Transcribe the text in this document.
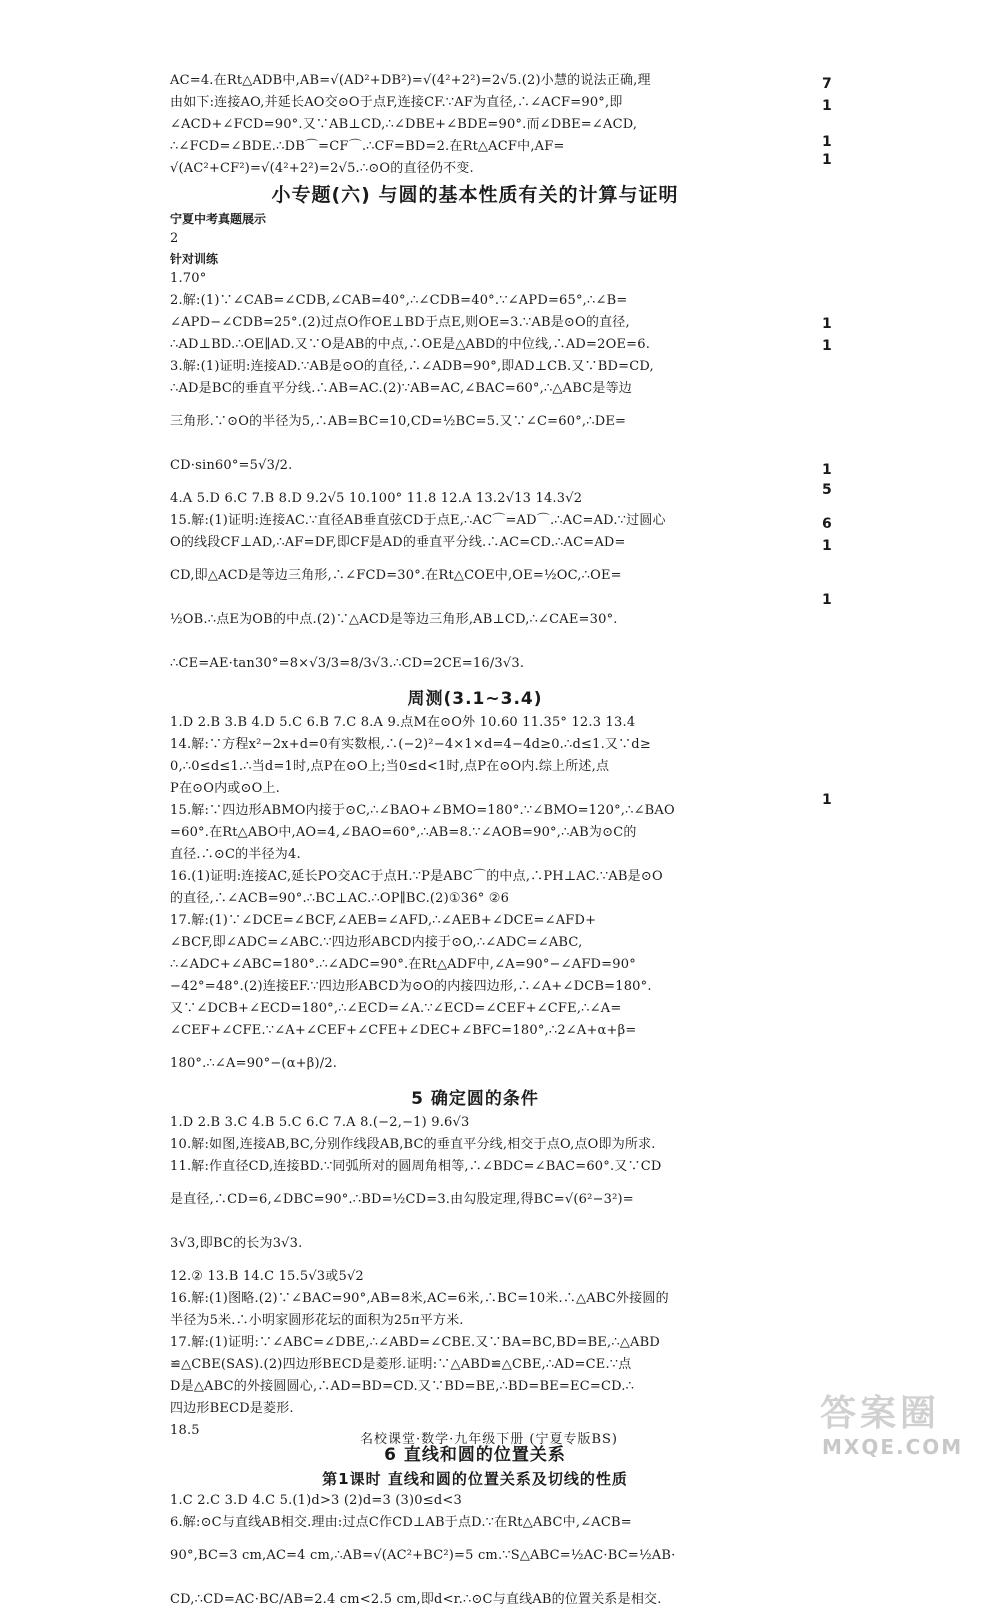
AC=4.在Rt△ADB中,AB=√(AD²+DB²)=√(4²+2²)=2√5.(2)小慧的说法正确,理
由如下:连接AO,并延长AO交⊙O于点F,连接CF.∵AF为直径,∴∠ACF=90°,即
∠ACD+∠FCD=90°.又∵AB⊥CD,∴∠DBE+∠BDE=90°.而∠DBE=∠ACD,
∴∠FCD=∠BDE.∴DB⌒=CF⌒.∴CF=BD=2.在Rt△ACF中,AF=
√(AC²+CF²)=√(4²+2²)=2√5.∴⊙O的直径仍不变.
小专题(六) 与圆的基本性质有关的计算与证明
宁夏中考真题展示
2
针对训练
1.70°
2.解:(1)∵∠CAB=∠CDB,∠CAB=40°,∴∠CDB=40°.∵∠APD=65°,∴∠B=
∠APD−∠CDB=25°.(2)过点O作OE⊥BD于点E,则OE=3.∵AB是⊙O的直径,
∴AD⊥BD.∴OE∥AD.又∵O是AB的中点,∴OE是△ABD的中位线,∴AD=2OE=6.
3.解:(1)证明:连接AD.∵AB是⊙O的直径,∴∠ADB=90°,即AD⊥CB.又∵BD=CD,
∴AD是BC的垂直平分线.∴AB=AC.(2)∵AB=AC,∠BAC=60°,∴△ABC是等边
三角形.∵⊙O的半径为5,∴AB=BC=10,CD=½BC=5.又∵∠C=60°,∴DE=
CD·sin60°=5√3/2.
4.A 5.D 6.C 7.B 8.D 9.2√5 10.100° 11.8 12.A 13.2√13 14.3√2
15.解:(1)证明:连接AC.∵直径AB垂直弦CD于点E,∴AC⌒=AD⌒.∴AC=AD.∵过圆心
O的线段CF⊥AD,∴AF=DF,即CF是AD的垂直平分线.∴AC=CD.∴AC=AD=
CD,即△ACD是等边三角形,∴∠FCD=30°.在Rt△COE中,OE=½OC,∴OE=
½OB.∴点E为OB的中点.(2)∵△ACD是等边三角形,AB⊥CD,∴∠CAE=30°.
∴CE=AE·tan30°=8×√3/3=8/3√3.∴CD=2CE=16/3√3.
周测(3.1~3.4)
1.D 2.B 3.B 4.D 5.C 6.B 7.C 8.A 9.点M在⊙O外 10.60 11.35° 12.3 13.4
14.解:∵方程x²−2x+d=0有实数根,∴(−2)²−4×1×d=4−4d≥0.∴d≤1.又∵d≥
0,∴0≤d≤1.∴当d=1时,点P在⊙O上;当0≤d<1时,点P在⊙O内.综上所述,点
P在⊙O内或⊙O上.
15.解:∵四边形ABMO内接于⊙C,∴∠BAO+∠BMO=180°.∵∠BMO=120°,∴∠BAO
=60°.在Rt△ABO中,AO=4,∠BAO=60°,∴AB=8.∵∠AOB=90°,∴AB为⊙C的
直径.∴⊙C的半径为4.
16.(1)证明:连接AC,延长PO交AC于点H.∵P是ABC⌒的中点,∴PH⊥AC.∵AB是⊙O
的直径,∴∠ACB=90°.∴BC⊥AC.∴OP∥BC.(2)①36° ②6
17.解:(1)∵∠DCE=∠BCF,∠AEB=∠AFD,∴∠AEB+∠DCE=∠AFD+
∠BCF,即∠ADC=∠ABC.∵四边形ABCD内接于⊙O,∴∠ADC=∠ABC,
∴∠ADC+∠ABC=180°.∴∠ADC=90°.在Rt△ADF中,∠A=90°−∠AFD=90°
−42°=48°.(2)连接EF.∵四边形ABCD为⊙O的内接四边形,∴∠A+∠DCB=180°.
又∵∠DCB+∠ECD=180°,∴∠ECD=∠A.∵∠ECD=∠CEF+∠CFE,∴∠A=
∠CEF+∠CFE.∵∠A+∠CEF+∠CFE+∠DEC+∠BFC=180°,∴2∠A+α+β=
180°.∴∠A=90°−(α+β)/2.
5 确定圆的条件
1.D 2.B 3.C 4.B 5.C 6.C 7.A 8.(−2,−1) 9.6√3
10.解:如图,连接AB,BC,分别作线段AB,BC的垂直平分线,相交于点O,点O即为所求.
11.解:作直径CD,连接BD.∵同弧所对的圆周角相等,∴∠BDC=∠BAC=60°.又∵CD
是直径,∴CD=6,∠DBC=90°.∴BD=½CD=3.由勾股定理,得BC=√(6²−3²)=
3√3,即BC的长为3√3.
12.② 13.B 14.C 15.5√3或5√2
16.解:(1)图略.(2)∵∠BAC=90°,AB=8米,AC=6米,∴BC=10米.∴△ABC外接圆的
半径为5米.∴小明家圆形花坛的面积为25π平方米.
17.解:(1)证明:∵∠ABC=∠DBE,∴∠ABD=∠CBE.又∵BA=BC,BD=BE,∴△ABD
≌△CBE(SAS).(2)四边形BECD是菱形.证明:∵△ABD≌△CBE,∴AD=CE.∵点
D是△ABC的外接圆圆心,∴AD=BD=CD.又∵BD=BE,∴BD=BE=EC=CD.∴
四边形BECD是菱形.
18.5
6 直线和圆的位置关系
第1课时 直线和圆的位置关系及切线的性质
1.C 2.C 3.D 4.C 5.(1)d>3 (2)d=3 (3)0≤d<3
6.解:⊙C与直线AB相交.理由:过点C作CD⊥AB于点D.∵在Rt△ABC中,∠ACB=
90°,BC=3 cm,AC=4 cm,∴AB=√(AC²+BC²)=5 cm.∵S△ABC=½AC·BC=½AB·
CD,∴CD=AC·BC/AB=2.4 cm<2.5 cm,即d<r.∴⊙C与直线AB的位置关系是相交.
7
1
1
1
1
1
1
5
6
1
1
1
名校课堂·数学·九年级下册 (宁夏专版BS)
答案圈
MXQE.COM
